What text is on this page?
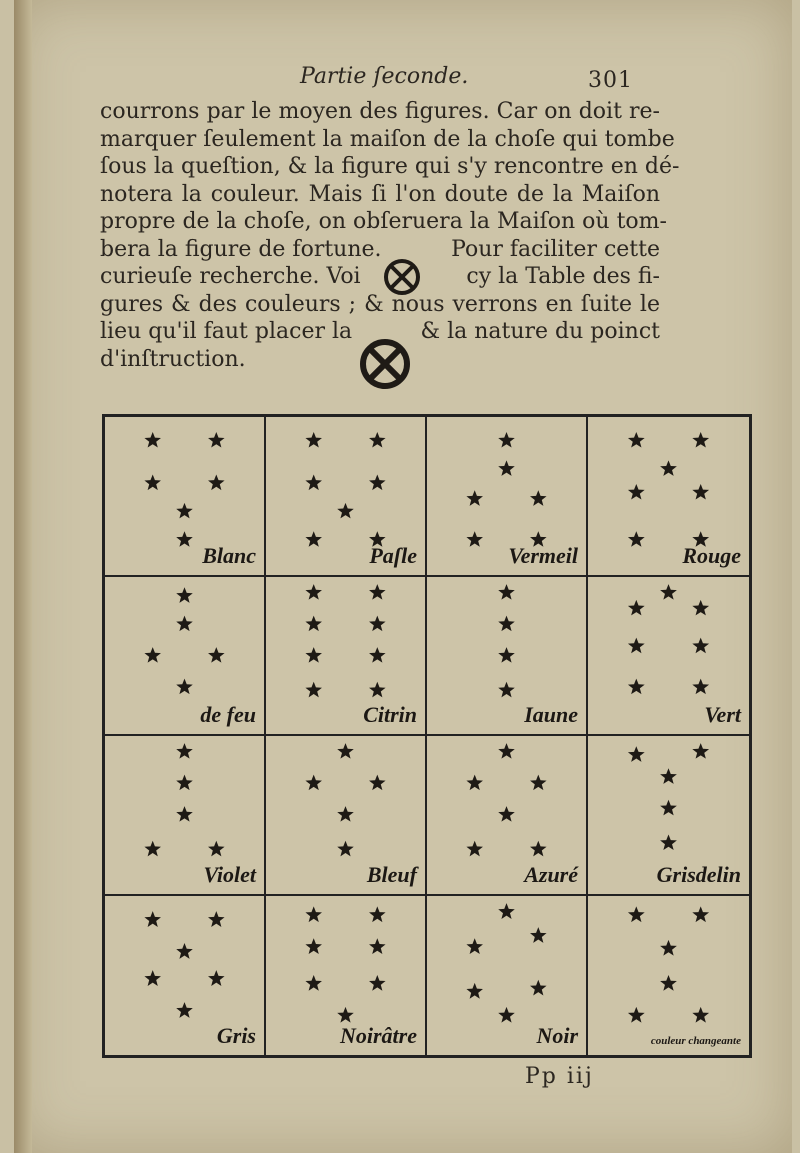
Partie ſeconde.	301
courrons par le moyen des figures. Car on doit re-
marquer ſeulement la maiſon de la choſe qui tombe
ſous la queſtion, & la figure qui s'y rencontre en dé-
notera la couleur. Mais ſi l'on doute de la Maiſon
propre de la choſe, on obſeruera la Maiſon où tom-
bera la figure de fortune.	Pour faciliter cette
curieuſe recherche. Voi	cy la Table des fi-
gures & des couleurs ; & nous verrons en ſuite le
lieu qu'il faut placer la	& la nature du poinct
d'inſtruction.
Blanc	Paſle	Vermeil	Rouge
de feu	Citrin	Iaune	Vert
Violet	Bleuf	Azuré	Grisdelin
Gris	Noirâtre	Noir	couleur changeante
Pp iij
